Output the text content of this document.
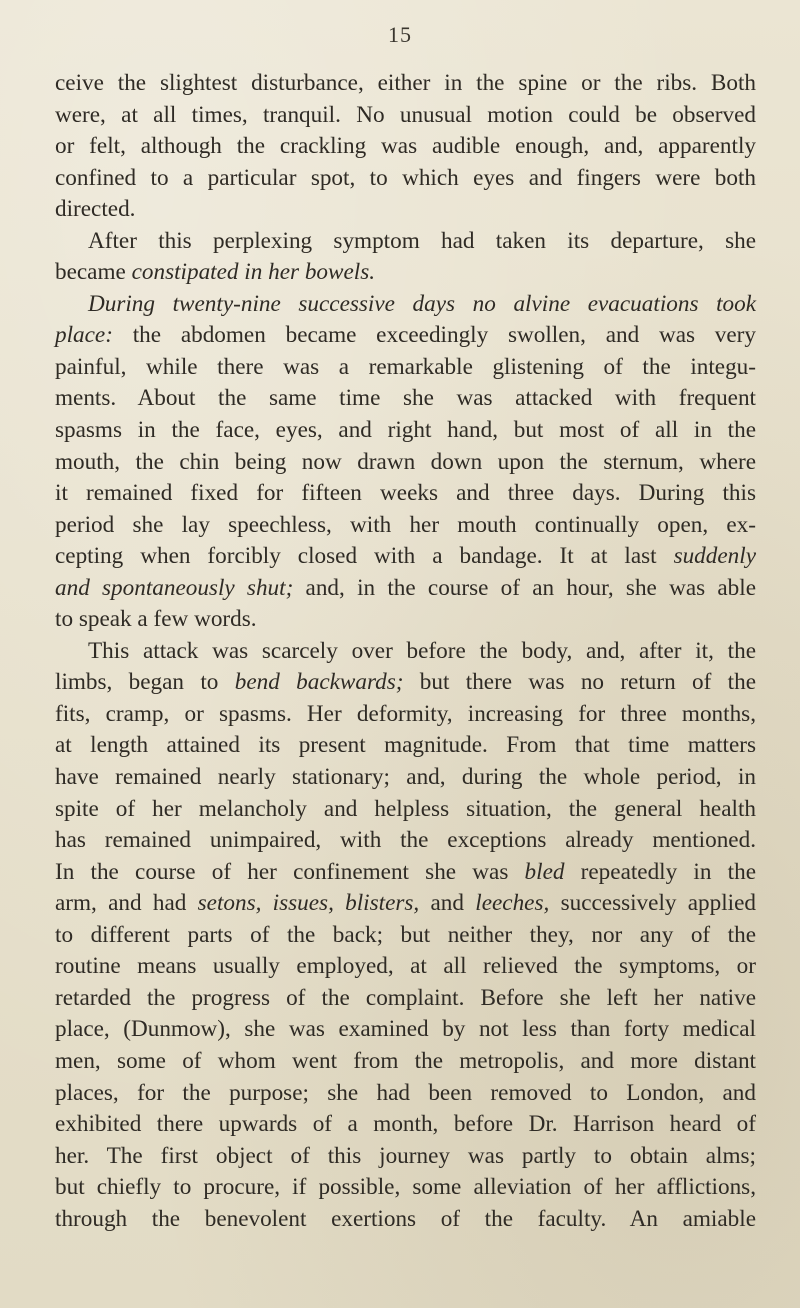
15
ceive the slightest disturbance, either in the spine or the ribs. Both
were, at all times, tranquil. No unusual motion could be observed
or felt, although the crackling was audible enough, and, apparently
confined to a particular spot, to which eyes and fingers were both
directed.
After this perplexing symptom had taken its departure, she
became constipated in her bowels.
During twenty-nine successive days no alvine evacuations took
place: the abdomen became exceedingly swollen, and was very
painful, while there was a remarkable glistening of the integu-
ments. About the same time she was attacked with frequent
spasms in the face, eyes, and right hand, but most of all in the
mouth, the chin being now drawn down upon the sternum, where
it remained fixed for fifteen weeks and three days. During this
period she lay speechless, with her mouth continually open, ex-
cepting when forcibly closed with a bandage. It at last suddenly
and spontaneously shut; and, in the course of an hour, she was able
to speak a few words.
This attack was scarcely over before the body, and, after it, the
limbs, began to bend backwards; but there was no return of the
fits, cramp, or spasms. Her deformity, increasing for three months,
at length attained its present magnitude. From that time matters
have remained nearly stationary; and, during the whole period, in
spite of her melancholy and helpless situation, the general health
has remained unimpaired, with the exceptions already mentioned.
In the course of her confinement she was bled repeatedly in the
arm, and had setons, issues, blisters, and leeches, successively applied
to different parts of the back; but neither they, nor any of the
routine means usually employed, at all relieved the symptoms, or
retarded the progress of the complaint. Before she left her native
place, (Dunmow), she was examined by not less than forty medical
men, some of whom went from the metropolis, and more distant
places, for the purpose; she had been removed to London, and
exhibited there upwards of a month, before Dr. Harrison heard of
her. The first object of this journey was partly to obtain alms;
but chiefly to procure, if possible, some alleviation of her afflictions,
through the benevolent exertions of the faculty. An amiable
